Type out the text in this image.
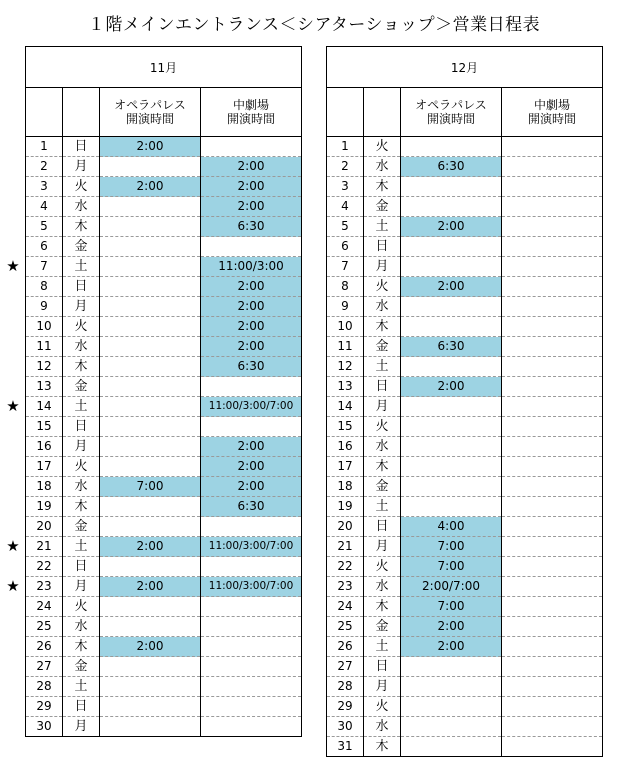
１階メインエントランス＜シアターショップ＞営業日程表
★
★
★
★
11月			
		オペラパレス
開演時間	中劇場
開演時間
1	日	2:00	
2	月		2:00
3	火	2:00	2:00
4	水		2:00
5	木		6:30
6	金		
7	土		11:00/3:00
8	日		2:00
9	月		2:00
10	火		2:00
11	水		2:00
12	木		6:30
13	金		
14	土		11:00/3:00/7:00
15	日		
16	月		2:00
17	火		2:00
18	水	7:00	2:00
19	木		6:30
20	金		
21	土	2:00	11:00/3:00/7:00
22	日		
23	月	2:00	11:00/3:00/7:00
24	火		
25	水		
26	木	2:00	
27	金		
28	土		
29	日		
30	月		
12月			
		オペラパレス
開演時間	中劇場
開演時間
1	火		
2	水	6:30	
3	木		
4	金		
5	土	2:00	
6	日		
7	月		
8	火	2:00	
9	水		
10	木		
11	金	6:30	
12	土		
13	日	2:00	
14	月		
15	火		
16	水		
17	木		
18	金		
19	土		
20	日	4:00	
21	月	7:00	
22	火	7:00	
23	水	2:00/7:00	
24	木	7:00	
25	金	2:00	
26	土	2:00	
27	日		
28	月		
29	火		
30	水		
31	木		
